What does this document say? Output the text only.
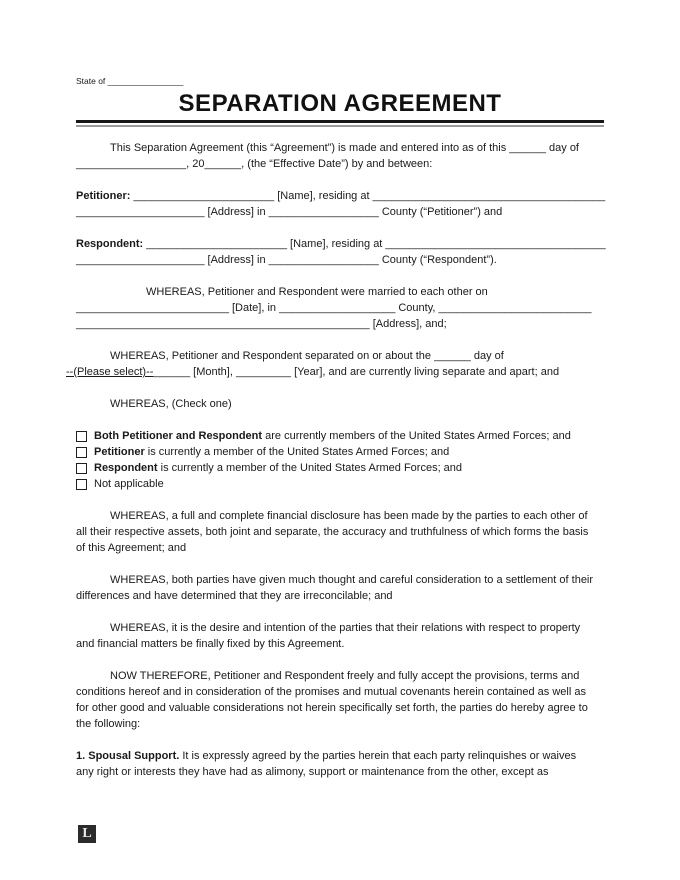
State of ________________
SEPARATION AGREEMENT
This Separation Agreement (this “Agreement”) is made and entered into as of this ______ day of
__________________, 20______, (the “Effective Date”) by and between:
Petitioner: _______________________ [Name], residing at ______________________________________
_____________________ [Address] in __________________ County (“Petitioner”) and
Respondent: _______________________ [Name], residing at ____________________________________
_____________________ [Address] in __________________ County (“Respondent”).
WHEREAS, Petitioner and Respondent were married to each other on
_________________________ [Date], in ___________________ County, _________________________
________________________________________________ [Address], and;
WHEREAS, Petitioner and Respondent separated on or about the ______ day of
--(Please select)--______ [Month], _________ [Year], and are currently living separate and apart; and
WHEREAS, (Check one)
Both Petitioner and Respondent are currently members of the United States Armed Forces; and
Petitioner is currently a member of the United States Armed Forces; and
Respondent is currently a member of the United States Armed Forces; and
Not applicable
WHEREAS, a full and complete financial disclosure has been made by the parties to each other of
all their respective assets, both joint and separate, the accuracy and truthfulness of which forms the basis
of this Agreement; and
WHEREAS, both parties have given much thought and careful consideration to a settlement of their
differences and have determined that they are irreconcilable; and
WHEREAS, it is the desire and intention of the parties that their relations with respect to property
and financial matters be finally fixed by this Agreement.
NOW THEREFORE, Petitioner and Respondent freely and fully accept the provisions, terms and
conditions hereof and in consideration of the promises and mutual covenants herein contained as well as
for other good and valuable considerations not herein specifically set forth, the parties do hereby agree to
the following:
1. Spousal Support. It is expressly agreed by the parties herein that each party relinquishes or waives
any right or interests they have had as alimony, support or maintenance from the other, except as
L
